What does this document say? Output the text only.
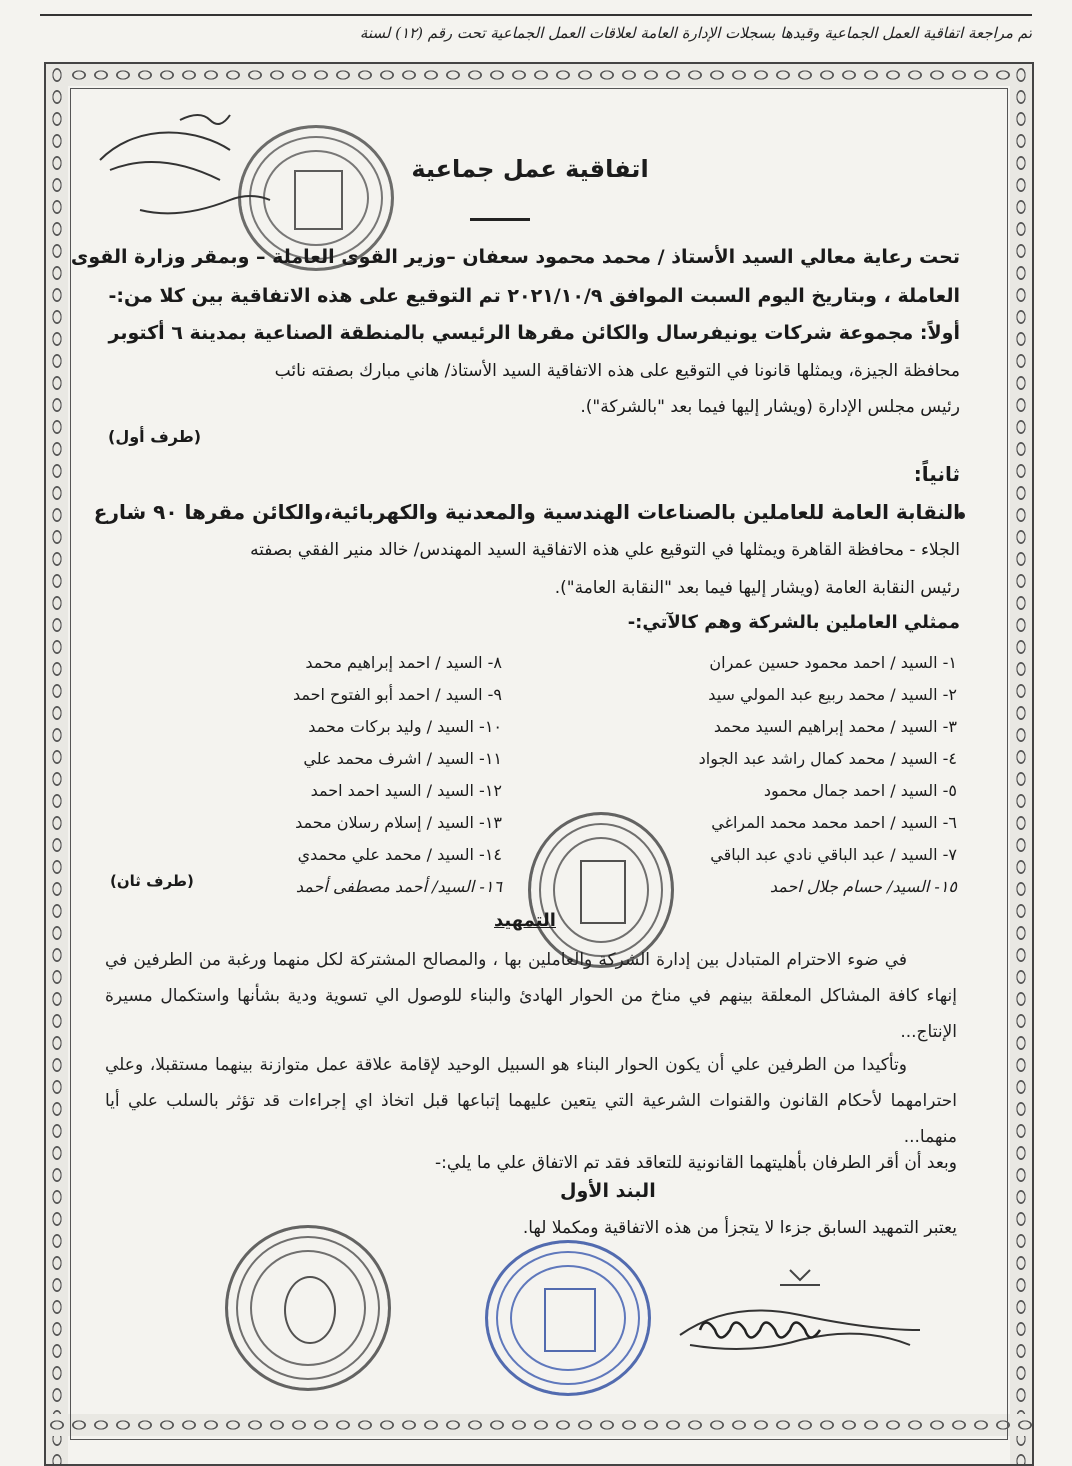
تم مراجعة اتفاقية العمل الجماعية وقيدها بسجلات الإدارة العامة لعلاقات العمل الجماعية تحت رقم (١٢) لسنة
اتفاقية عمل جماعية
تحت رعاية معالي السيد الأستاذ / محمد محمود سعفان –وزير القوى العاملة – وبمقر وزارة القوى
العاملة ، وبتاريخ اليوم السبت الموافق ٢٠٢١/١٠/٩ تم التوقيع على هذه الاتفاقية بين كلا من:-
أولاً: مجموعة شركات يونيفرسال والكائن مقرها الرئيسي بالمنطقة الصناعية بمدينة ٦ أكتوبر
محافظة الجيزة، ويمثلها قانونا في التوقيع على هذه الاتفاقية السيد الأستاذ/ هاني مبارك بصفته نائب
رئيس مجلس الإدارة (ويشار إليها فيما بعد "بالشركة").
(طرف أول)
ثانياً:
النقابة العامة للعاملين بالصناعات الهندسية والمعدنية والكهربائية،والكائن مقرها ٩٠ شارع
الجلاء - محافظة القاهرة ويمثلها في التوقيع علي هذه الاتفاقية السيد المهندس/ خالد منير الفقي بصفته
رئيس النقابة العامة (ويشار إليها فيما بعد "النقابة العامة").
ممثلي العاملين بالشركة وهم كالآتي:-
١- السيد / احمد محمود حسين عمران
٢- السيد / محمد ربيع عبد المولي سيد
٣- السيد / محمد إبراهيم السيد محمد
٤- السيد / محمد كمال راشد عبد الجواد
٥- السيد / احمد جمال محمود
٦- السيد / احمد محمد محمد المراغي
٧- السيد / عبد الباقي نادي عبد الباقي
١٥- السيد/ حسام جلال احمد
٨- السيد / احمد إبراهيم محمد
٩- السيد / احمد أبو الفتوح احمد
١٠- السيد / وليد بركات محمد
١١- السيد / اشرف محمد علي
١٢- السيد / السيد احمد احمد
١٣- السيد / إسلام رسلان محمد
١٤- السيد / محمد علي محمدي
١٦- السيد/ أحمد مصطفى أحمد
(طرف ثان)
التمهيد
في ضوء الاحترام المتبادل بين إدارة الشركة والعاملين بها ، والمصالح المشتركة لكل منهما ورغبة من الطرفين في إنهاء كافة المشاكل المعلقة بينهم في مناخ من الحوار الهادئ والبناء للوصول الي تسوية ودية بشأنها واستكمال مسيرة الإنتاج...
وتأكيدا من الطرفين علي أن يكون الحوار البناء هو السبيل الوحيد لإقامة علاقة عمل متوازنة بينهما مستقبلا، وعلي احترامهما لأحكام القانون والقنوات الشرعية التي يتعين عليهما إتباعها قبل اتخاذ اي إجراءات قد تؤثر بالسلب علي أيا منهما...
وبعد أن أقر الطرفان بأهليتهما القانونية للتعاقد فقد تم الاتفاق علي ما يلي:-
البند الأول
يعتبر التمهيد السابق جزءا لا يتجزأ من هذه الاتفاقية ومكملا لها.
